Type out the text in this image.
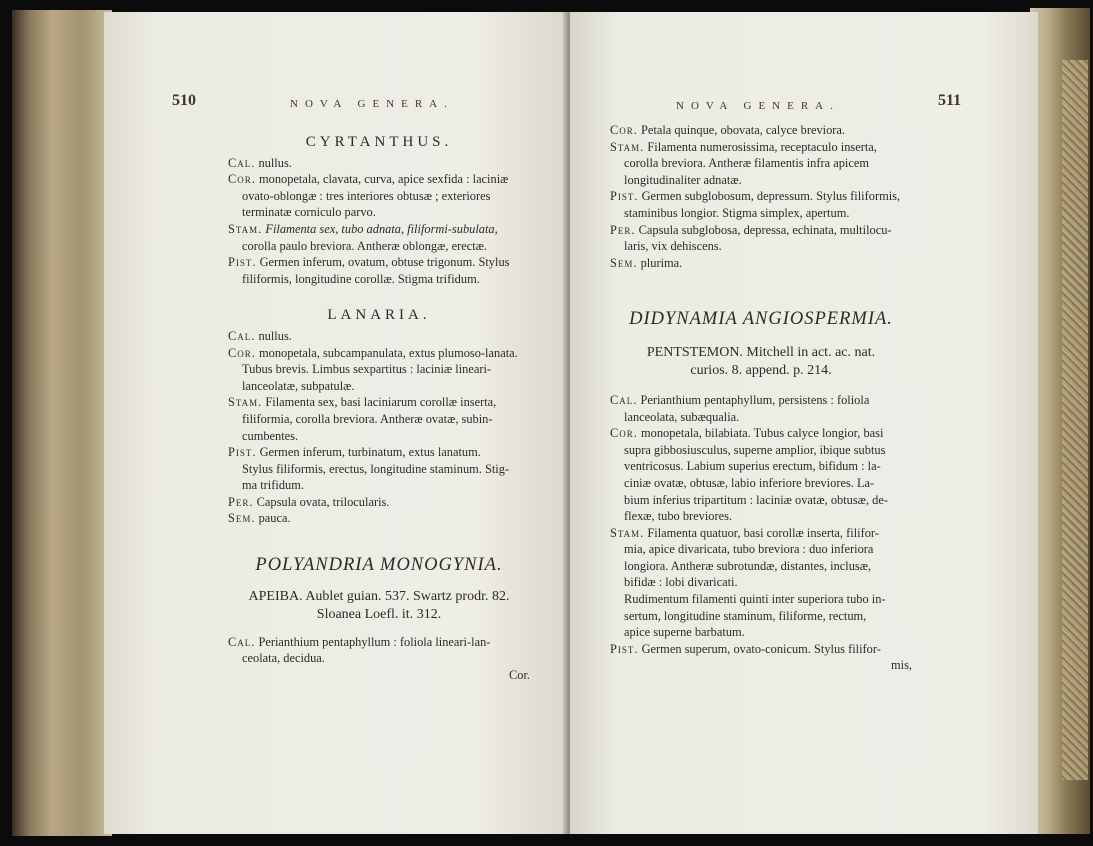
510	NOVA GENERA.

CYRTANTHUS.

Cal. nullus.

Cor. monopetala, clavata, curva, apice sexfida : laciniæ
ovato-oblongæ : tres interiores obtusæ ; exteriores
terminatæ corniculo parvo.
Stam. Filamenta sex, tubo adnata, filiformi-subulata,
corolla paulo breviora. Antheræ oblongæ, erectæ.
Pist. Germen inferum, ovatum, obtuse trigonum. Stylus
filiformis, longitudine corollæ. Stigma trifidum.

LANARIA.

Cal. nullus.

Cor. monopetala, subcampanulata, extus plumoso-lanata.
Tubus brevis. Limbus sexpartitus : laciniæ lineari-
lanceolatæ, subpatulæ.
Stam. Filamenta sex, basi laciniarum corollæ inserta,
filiformia, corolla breviora. Antheræ ovatæ, subin-
cumbentes.
Pist. Germen inferum, turbinatum, extus lanatum.
Stylus filiformis, erectus, longitudine staminum. Stig-
ma trifidum.

Per. Capsula ovata, trilocularis.

Sem. pauca.

POLYANDRIA MONOGYNIA.

APEIBA. Aublet guian. 537. Swartz prodr. 82.
Sloanea Loefl. it. 312.
Cal. Perianthium pentaphyllum : foliola lineari-lan-
ceolata, decidua.

Cor.

NOVA GENERA.	511

Cor. Petala quinque, obovata, calyce breviora.

Stam. Filamenta numerosissima, receptaculo inserta,
corolla breviora. Antheræ filamentis infra apicem
longitudinaliter adnatæ.
Pist. Germen subglobosum, depressum. Stylus filiformis,
staminibus longior. Stigma simplex, apertum.
Per. Capsula subglobosa, depressa, echinata, multilocu-
laris, vix dehiscens.

Sem. plurima.

DIDYNAMIA ANGIOSPERMIA.

PENTSTEMON. Mitchell in act. ac. nat.
curios. 8. append. p. 214.
Cal. Perianthium pentaphyllum, persistens : foliola
lanceolata, subæqualia.
Cor. monopetala, bilabiata. Tubus calyce longior, basi
supra gibbosiusculus, superne amplior, ibique subtus
ventricosus. Labium superius erectum, bifidum : la-
ciniæ ovatæ, obtusæ, labio inferiore breviores. La-
bium inferius tripartitum : laciniæ ovatæ, obtusæ, de-
flexæ, tubo breviores.
Stam. Filamenta quatuor, basi corollæ inserta, filifor-
mia, apice divaricata, tubo breviora : duo inferiora
longiora. Antheræ subrotundæ, distantes, inclusæ,
bifidæ : lobi divaricati.
Rudimentum filamenti quinti inter superiora tubo in-
sertum, longitudine staminum, filiforme, rectum,
apice superne barbatum.

Pist. Germen superum, ovato-conicum. Stylus filifor-

mis,
